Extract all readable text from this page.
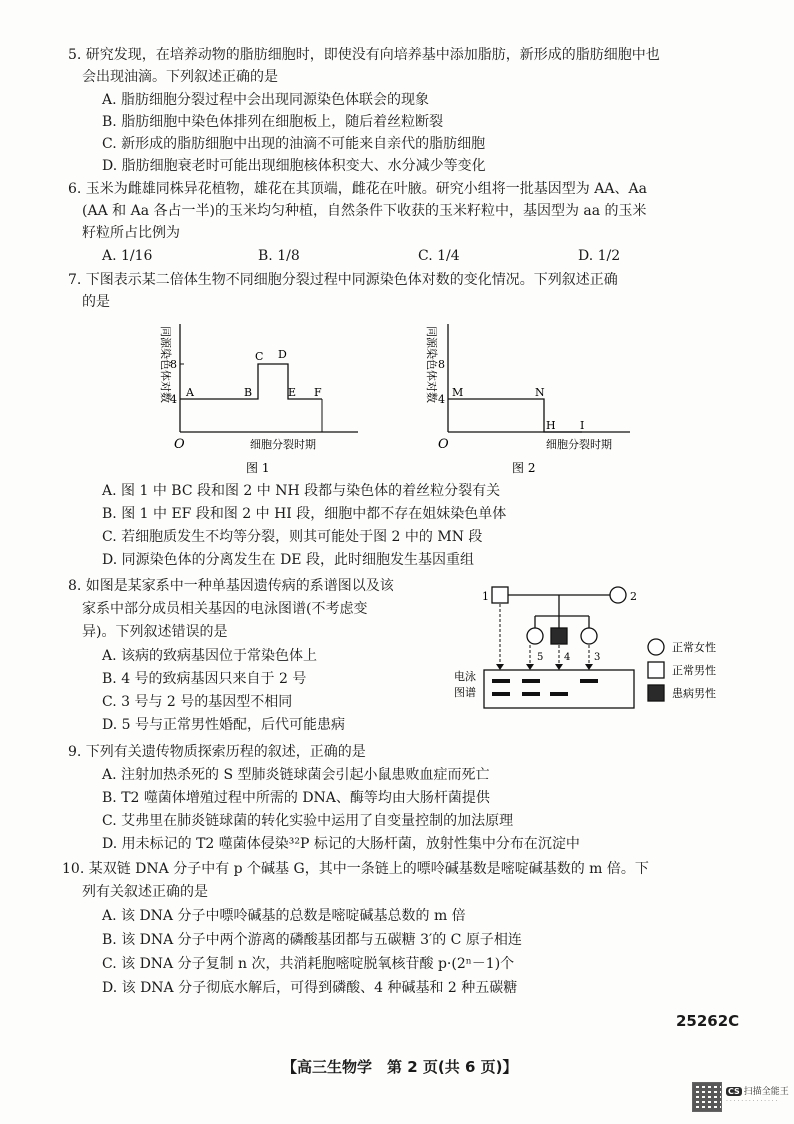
5. 研究发现，在培养动物的脂肪细胞时，即使没有向培养基中添加脂肪，新形成的脂肪细胞中也
会出现油滴。下列叙述正确的是
A. 脂肪细胞分裂过程中会出现同源染色体联会的现象
B. 脂肪细胞中染色体排列在细胞板上，随后着丝粒断裂
C. 新形成的脂肪细胞中出现的油滴不可能来自亲代的脂肪细胞
D. 脂肪细胞衰老时可能出现细胞核体积变大、水分减少等变化
6. 玉米为雌雄同株异花植物，雄花在其顶端，雌花在叶腋。研究小组将一批基因型为 AA、Aa
(AA 和 Aa 各占一半)的玉米均匀种植，自然条件下收获的玉米籽粒中，基因型为 aa 的玉米
籽粒所占比例为
A. 1/16	B. 1/8	C. 1/4	D. 1/2
7. 下图表示某二倍体生物不同细胞分裂过程中同源染色体对数的变化情况。下列叙述正确
的是
O
8
4
同源染色体对数 A	B
C D
E F
细胞分裂时期
图 1
O
8
4
同源染色体对数 M	N
H I
细胞分裂时期
图 2
A. 图 1 中 BC 段和图 2 中 NH 段都与染色体的着丝粒分裂有关
B. 图 1 中 EF 段和图 2 中 HI 段，细胞中都不存在姐妹染色单体
C. 若细胞质发生不均等分裂，则其可能处于图 2 中的 MN 段
D. 同源染色体的分离发生在 DE 段，此时细胞发生基因重组
8. 如图是某家系中一种单基因遗传病的系谱图以及该
家系中部分成员相关基因的电泳图谱(不考虑变
异)。下列叙述错误的是
A. 该病的致病基因位于常染色体上
B. 4 号的致病基因只来自于 2 号
C. 3 号与 2 号的基因型不相同
D. 5 号与正常男性婚配，后代可能患病
1	2
5 4 3
电泳
图谱
正常女性
正常男性
患病男性
9. 下列有关遗传物质探索历程的叙述，正确的是
A. 注射加热杀死的 S 型肺炎链球菌会引起小鼠患败血症而死亡
B. T2 噬菌体增殖过程中所需的 DNA、酶等均由大肠杆菌提供
C. 艾弗里在肺炎链球菌的转化实验中运用了自变量控制的加法原理
D. 用未标记的 T2 噬菌体侵染³²P 标记的大肠杆菌，放射性集中分布在沉淀中
10. 某双链 DNA 分子中有 p 个碱基 G，其中一条链上的嘌呤碱基数是嘧啶碱基数的 m 倍。下
列有关叙述正确的是
A. 该 DNA 分子中嘌呤碱基的总数是嘧啶碱基总数的 m 倍
B. 该 DNA 分子中两个游离的磷酸基团都与五碳糖 3′的 C 原子相连
C. 该 DNA 分子复制 n 次，共消耗胞嘧啶脱氧核苷酸 p·(2ⁿ－1)个
D. 该 DNA 分子彻底水解后，可得到磷酸、4 种碱基和 2 种五碳糖
25262C
【高三生物学　第 2 页(共 6 页)】
CS 扫描全能王
· · · · · · · · · · · · · ·
